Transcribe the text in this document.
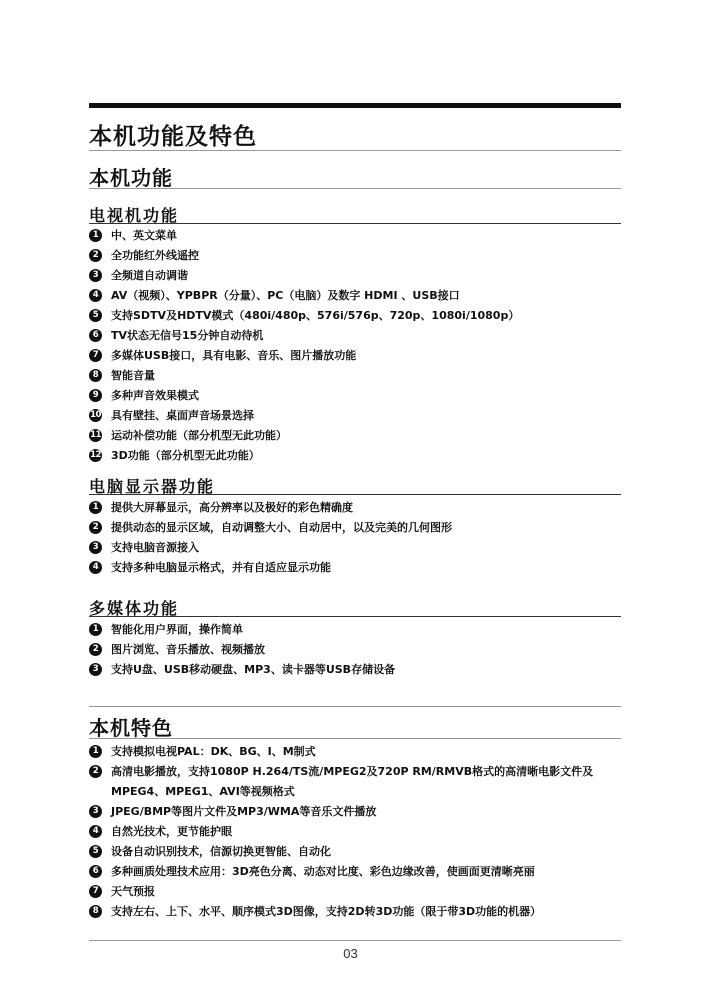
本机功能及特色
本机功能
电视机功能
1	中、英文菜单
2	全功能红外线遥控
3	全频道自动调谐
4	AV（视频）、YPBPR（分量）、PC（电脑）及数字 HDMI 、USB接口
5	支持SDTV及HDTV模式（480i/480p、576i/576p、720p、1080i/1080p）
6	TV状态无信号15分钟自动待机
7	多媒体USB接口，具有电影、音乐、图片播放功能
8	智能音量
9	多种声音效果模式
10 具有壁挂、桌面声音场景选择
11 运动补偿功能（部分机型无此功能）
12 3D功能（部分机型无此功能）
电脑显示器功能
1	提供大屏幕显示，高分辨率以及极好的彩色精确度
2	提供动态的显示区域，自动调整大小、自动居中，以及完美的几何图形
3	支持电脑音源接入
4	支持多种电脑显示格式，并有自适应显示功能
多媒体功能
1	智能化用户界面，操作简单
2	图片浏览、音乐播放、视频播放
3	支持U盘、USB移动硬盘、MP3、读卡器等USB存储设备
本机特色
1	支持模拟电视PAL：DK、BG、I、M制式
2	高清电影播放，支持1080P H.264/TS流/MPEG2及720P RM/RMVB格式的高清晰电影文件及MPEG4、MPEG1、AVI等视频格式
3	JPEG/BMP等图片文件及MP3/WMA等音乐文件播放
4	自然光技术，更节能护眼
5	设备自动识别技术，信源切换更智能、自动化
6	多种画质处理技术应用：3D亮色分离、动态对比度、彩色边缘改善，使画面更清晰亮丽
7	天气预报
8	支持左右、上下、水平、顺序模式3D图像，支持2D转3D功能（限于带3D功能的机器）
03
